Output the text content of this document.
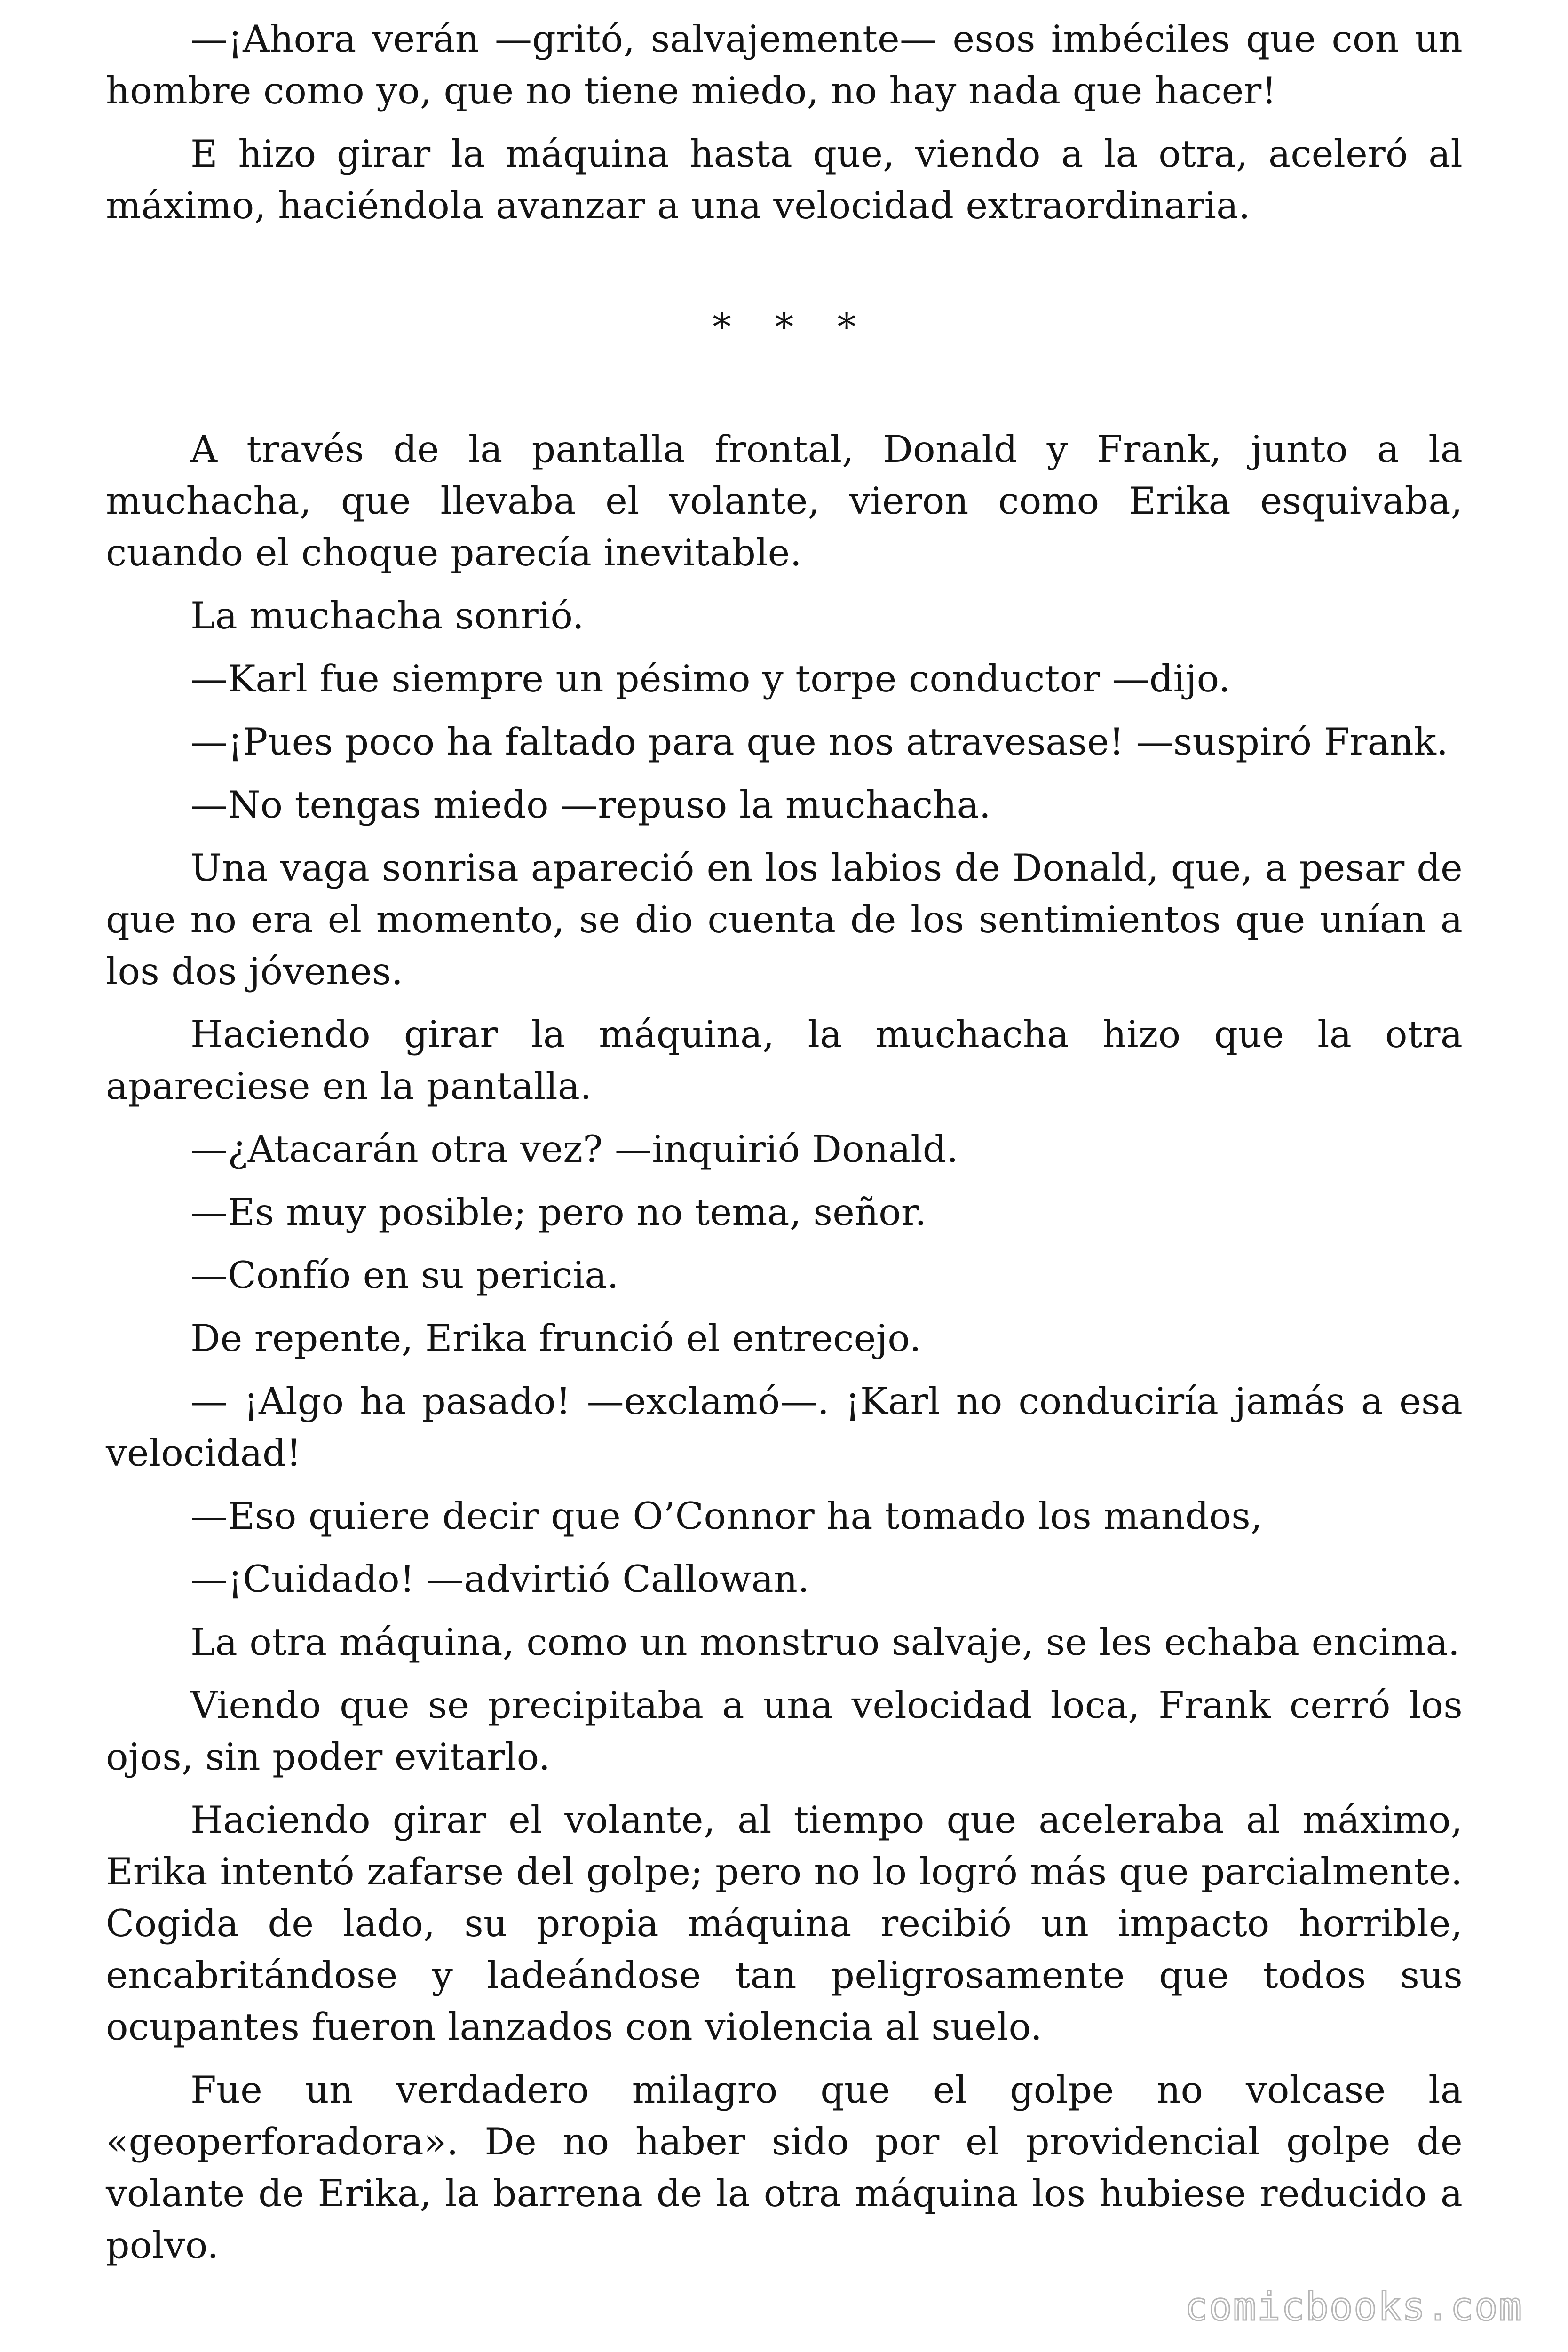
—¡Ahora verán —gritó, salvajemente— esos imbéciles que con un hombre como yo, que no tiene miedo, no hay nada que hacer!

E hizo girar la máquina hasta que, viendo a la otra, aceleró al máximo, haciéndola avanzar a una velocidad extraordinaria.

* * *

A través de la pantalla frontal, Donald y Frank, junto a la muchacha, que llevaba el volante, vieron como Erika esquivaba, cuando el choque parecía inevitable.

La muchacha sonrió.

—Karl fue siempre un pésimo y torpe conductor —dijo.

—¡Pues poco ha faltado para que nos atravesase! —suspiró Frank.

—No tengas miedo —repuso la muchacha.

Una vaga sonrisa apareció en los labios de Donald, que, a pesar de que no era el momento, se dio cuenta de los sentimientos que unían a los dos jóvenes.

Haciendo girar la máquina, la muchacha hizo que la otra apareciese en la pantalla.

—¿Atacarán otra vez? —inquirió Donald.

—Es muy posible; pero no tema, señor.

—Confío en su pericia.

De repente, Erika frunció el entrecejo.

— ¡Algo ha pasado! —exclamó—. ¡Karl no conduciría jamás a esa velocidad!

—Eso quiere decir que O’Connor ha tomado los mandos,

—¡Cuidado! —advirtió Callowan.

La otra máquina, como un monstruo salvaje, se les echaba encima.

Viendo que se precipitaba a una velocidad loca, Frank cerró los ojos, sin poder evitarlo.

Haciendo girar el volante, al tiempo que aceleraba al máximo, Erika intentó zafarse del golpe; pero no lo logró más que parcialmente. Cogida de lado, su propia máquina recibió un impacto horrible, encabritándose y ladeándose tan peligrosamente que todos sus ocupantes fueron lanzados con violencia al suelo.

Fue un verdadero milagro que el golpe no volcase la «geoperforadora». De no haber sido por el providencial golpe de volante de Erika, la barrena de la otra máquina los hubiese reducido a polvo.

comicbooks.com
